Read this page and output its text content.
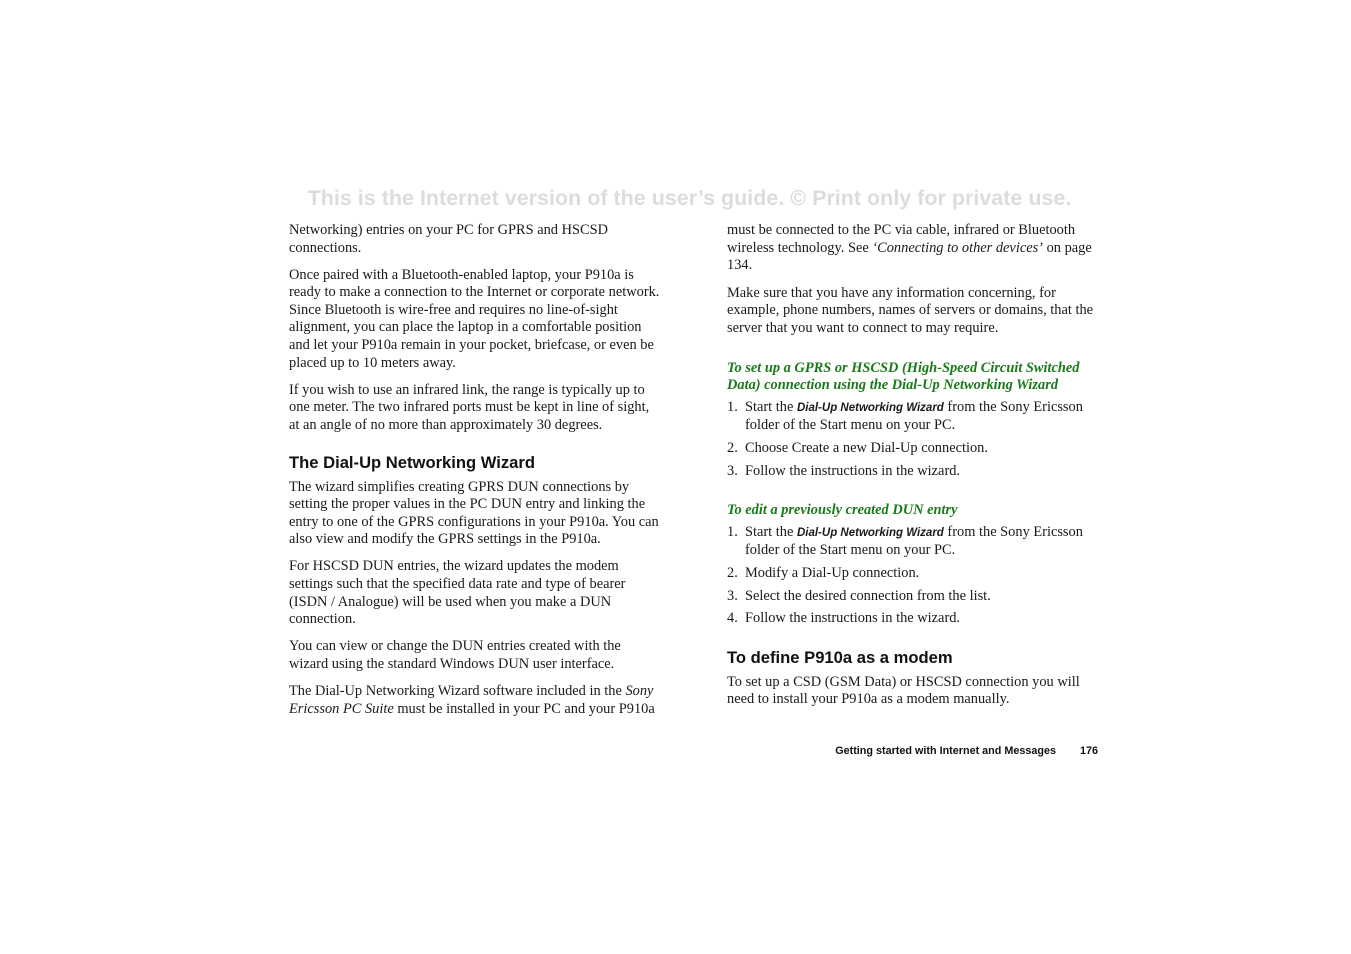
This is the Internet version of the user’s guide. © Print only for private use.

Networking) entries on your PC for GPRS and HSCSD connections.

Once paired with a Bluetooth-enabled laptop, your P910a is ready to make a connection to the Internet or corporate network. Since Bluetooth is wire-free and requires no line-of-sight alignment, you can place the laptop in a comfortable position and let your P910a remain in your pocket, briefcase, or even be placed up to 10 meters away.

If you wish to use an infrared link, the range is typically up to one meter. The two infrared ports must be kept in line of sight, at an angle of no more than approximately 30 degrees.

The Dial-Up Networking Wizard

The wizard simplifies creating GPRS DUN connections by setting the proper values in the PC DUN entry and linking the entry to one of the GPRS configurations in your P910a. You can also view and modify the GPRS settings in the P910a.

For HSCSD DUN entries, the wizard updates the modem settings such that the specified data rate and type of bearer (ISDN / Analogue) will be used when you make a DUN connection.

You can view or change the DUN entries created with the wizard using the standard Windows DUN user interface.

The Dial-Up Networking Wizard software included in the Sony Ericsson PC Suite must be installed in your PC and your P910a

must be connected to the PC via cable, infrared or Bluetooth wireless technology. See ‘Connecting to other devices’ on page 134.

Make sure that you have any information concerning, for example, phone numbers, names of servers or domains, that the server that you want to connect to may require.

To set up a GPRS or HSCSD (High-Speed Circuit Switched Data) connection using the Dial-Up Networking Wizard
1. Start the Dial-Up Networking Wizard from the Sony Ericsson folder of the Start menu on your PC.
2. Choose Create a new Dial-Up connection.
3. Follow the instructions in the wizard.
To edit a previously created DUN entry
1. Start the Dial-Up Networking Wizard from the Sony Ericsson folder of the Start menu on your PC.
2. Modify a Dial-Up connection.
3. Select the desired connection from the list.
4. Follow the instructions in the wizard.
To define P910a as a modem

To set up a CSD (GSM Data) or HSCSD connection you will need to install your P910a as a modem manually.

Getting started with Internet and Messages 176
